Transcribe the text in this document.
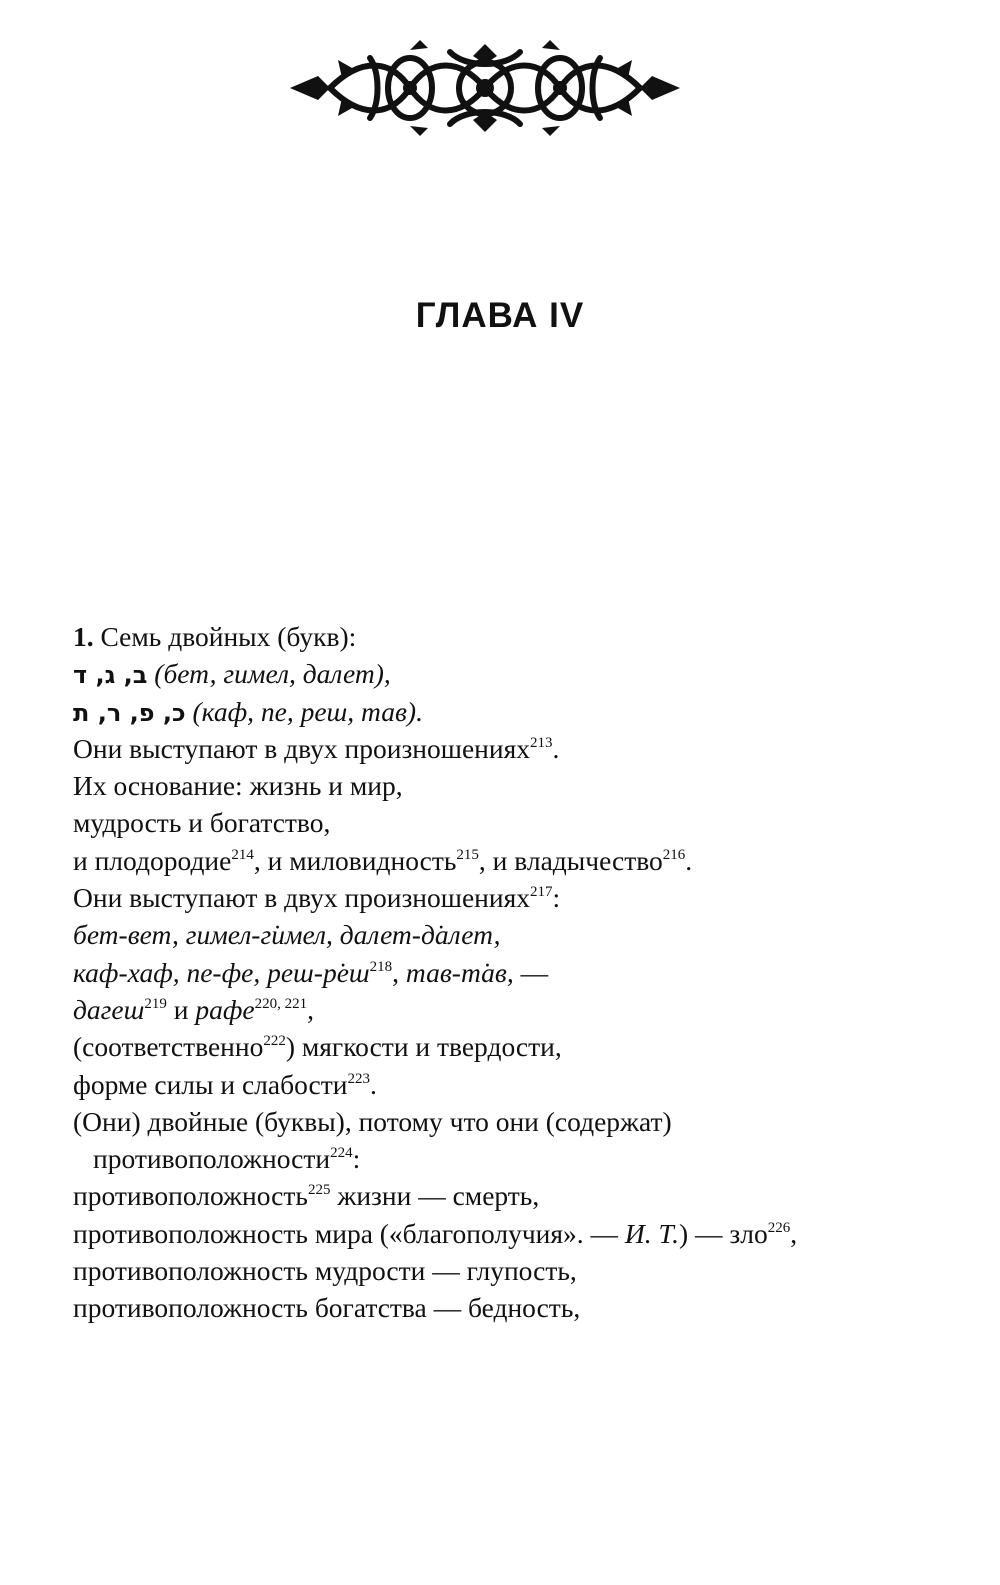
ГЛАВА IV
1. Семь двойных (букв):
ב, ג, ד (бет, гимел, далет),
כ, פ, ר, ת (каф, пе, реш, тав).
Они выступают в двух произношениях$^{213}$.
Их основание: жизнь и мир,
мудрость и богатство,
и плодородие$^{214}$, и миловидность$^{215}$, и владычество$^{216}$.
Они выступают в двух произношениях$^{217}$:
бет-вет, гимел-г̇имел, далет-д̇алет,
каф-хаф, пе-фе, реш-$р̇еш^{218}$, тав-т̇ав, —
дагеш$^{219}$ и рафе$^{220, 221}$,
(соответственно$^{222}$) мягкости и твердости,
форме силы и слабости$^{223}$.
(Они) двойные (буквы), потому что они (содержат)
противоположности$^{224}$:
противоположность$^{225}$ жизни — смерть,
противоположность мира («благополучия». — И. Т.) — зло$^{226}$,
противоположность мудрости — глупость,
противоположность богатства — бедность,
